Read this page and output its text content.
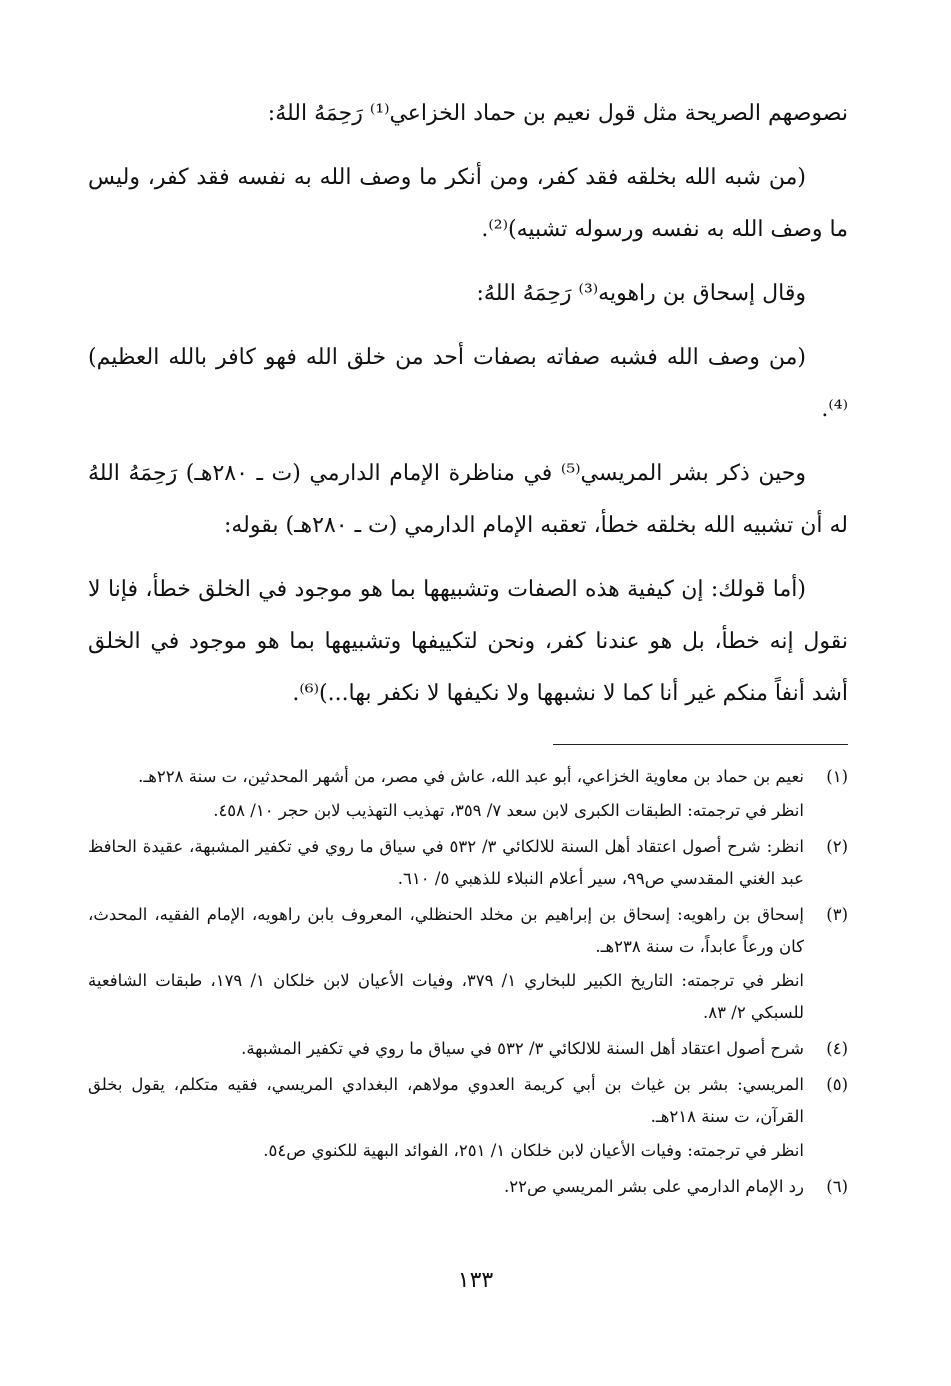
نصوصهم الصريحة مثل قول نعيم بن حماد الخزاعي⁽¹⁾ رَحِمَهُ اللهُ:

(من شبه الله بخلقه فقد كفر، ومن أنكر ما وصف الله به نفسه فقد كفر، وليس ما وصف الله به نفسه ورسوله تشبيه)⁽²⁾.

وقال إسحاق بن راهويه⁽³⁾ رَحِمَهُ اللهُ:

(من وصف الله فشبه صفاته بصفات أحد من خلق الله فهو كافر بالله العظيم)⁽⁴⁾.

وحين ذكر بشر المريسي⁽⁵⁾ في مناظرة الإمام الدارمي (ت ـ ٢٨٠هـ) رَحِمَهُ اللهُ له أن تشبيه الله بخلقه خطأ، تعقبه الإمام الدارمي (ت ـ ٢٨٠هـ) بقوله:

(أما قولك: إن كيفية هذه الصفات وتشبيهها بما هو موجود في الخلق خطأ، فإنا لا نقول إنه خطأ، بل هو عندنا كفر، ونحن لتكييفها وتشبيهها بما هو موجود في الخلق أشد أنفاً منكم غير أنا كما لا نشبهها ولا نكيفها لا نكفر بها...)⁽⁶⁾.

(١)

نعيم بن حماد بن معاوية الخزاعي، أبو عبد الله، عاش في مصر، من أشهر المحدثين، ت سنة ٢٢٨هـ.

انظر في ترجمته: الطبقات الكبرى لابن سعد ٧/ ٣٥٩، تهذيب التهذيب لابن حجر ١٠/ ٤٥٨.

(٢)

انظر: شرح أصول اعتقاد أهل السنة للالكائي ٣/ ٥٣٢ في سياق ما روي في تكفير المشبهة، عقيدة الحافظ عبد الغني المقدسي ص٩٩، سير أعلام النبلاء للذهبي ٥/ ٦١٠.

(٣)

إسحاق بن راهويه: إسحاق بن إبراهيم بن مخلد الحنظلي، المعروف بابن راهويه، الإمام الفقيه، المحدث، كان ورعاً عابداً، ت سنة ٢٣٨هـ.

انظر في ترجمته: التاريخ الكبير للبخاري ١/ ٣٧٩، وفيات الأعيان لابن خلكان ١/ ١٧٩، طبقات الشافعية للسبكي ٢/ ٨٣.

(٤)

شرح أصول اعتقاد أهل السنة للالكائي ٣/ ٥٣٢ في سياق ما روي في تكفير المشبهة.

(٥)

المريسي: بشر بن غياث بن أبي كريمة العدوي مولاهم، البغدادي المريسي، فقيه متكلم، يقول بخلق القرآن، ت سنة ٢١٨هـ.

انظر في ترجمته: وفيات الأعيان لابن خلكان ١/ ٢٥١، الفوائد البهية للكنوي ص٥٤.

(٦)

رد الإمام الدارمي على بشر المريسي ص٢٢.

١٣٣
